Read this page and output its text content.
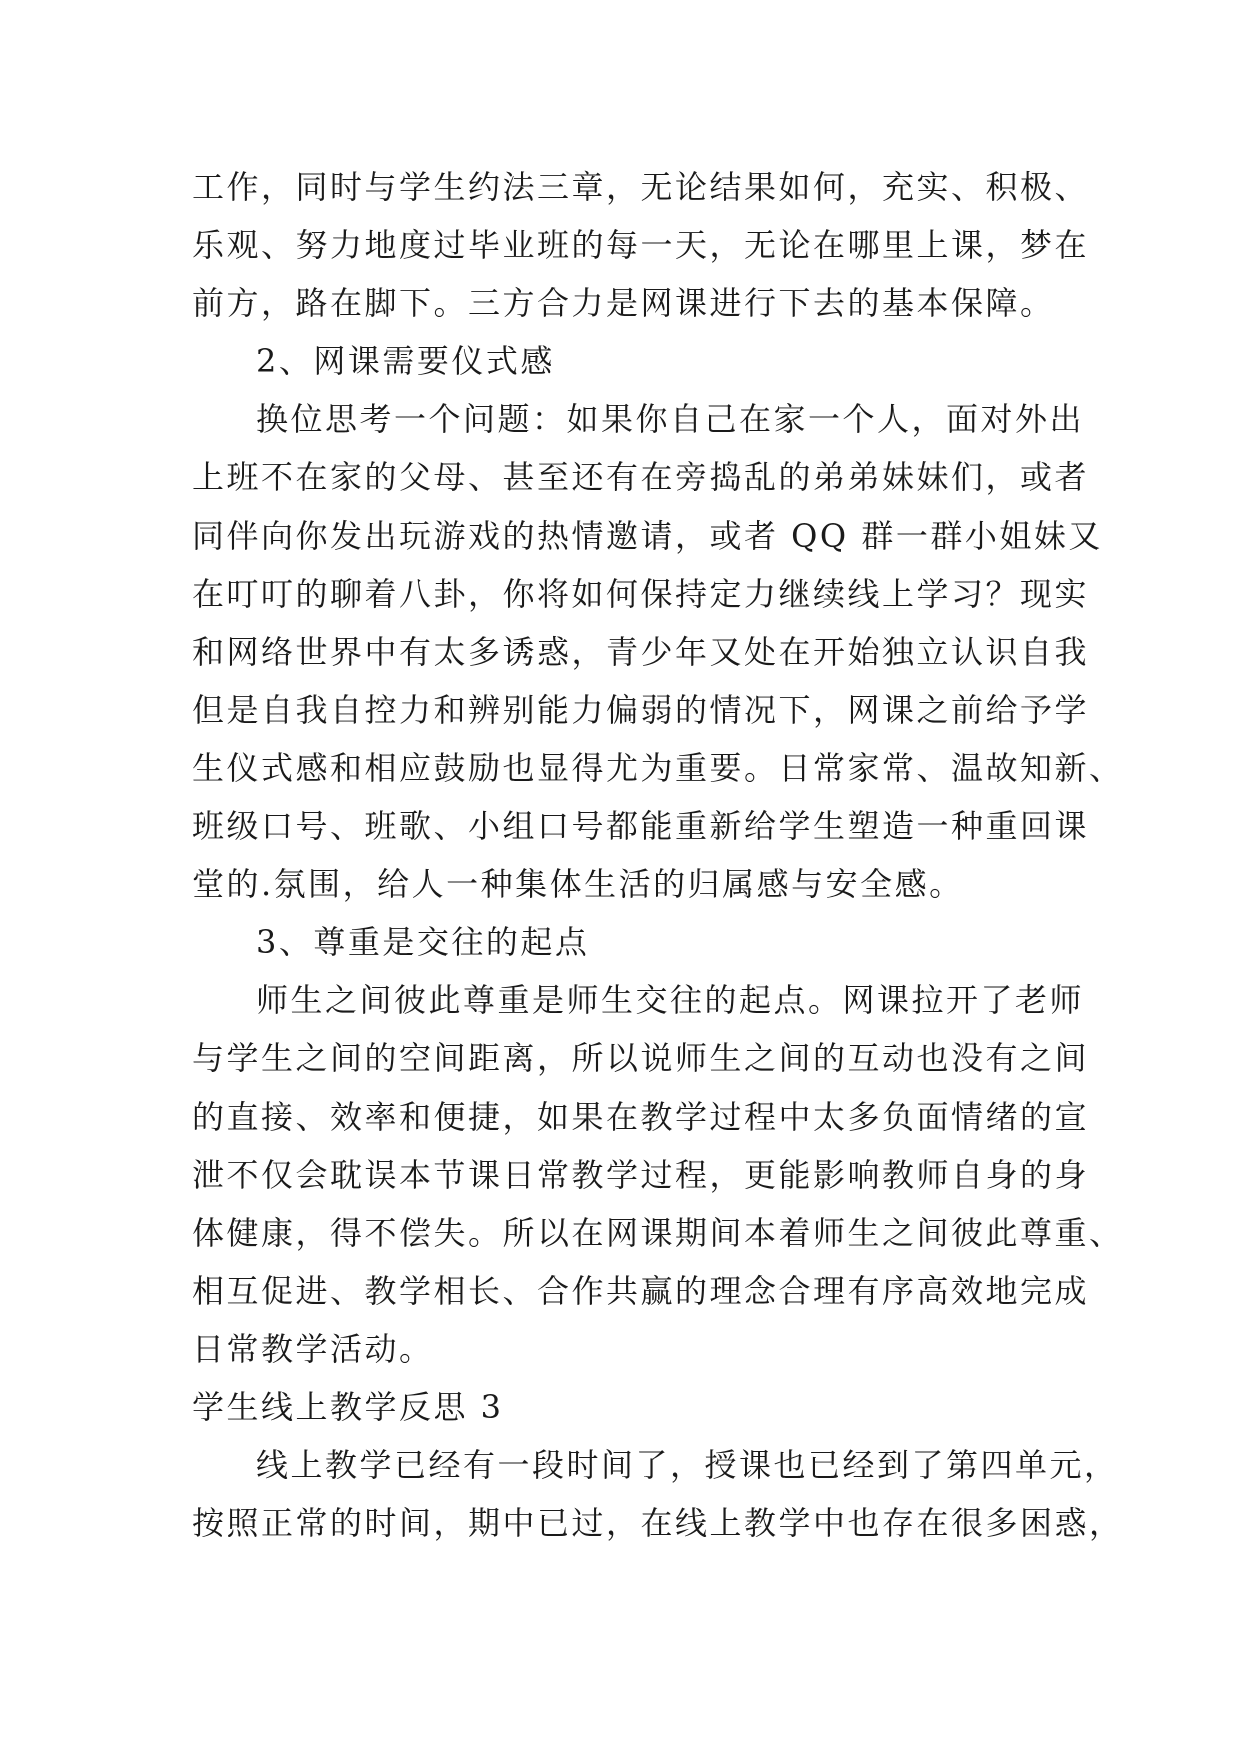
工作，同时与学生约法三章，无论结果如何，充实、积极、
乐观、努力地度过毕业班的每一天，无论在哪里上课，梦在
前方，路在脚下。三方合力是网课进行下去的基本保障。
2、网课需要仪式感
换位思考一个问题：如果你自己在家一个人，面对外出
上班不在家的父母、甚至还有在旁捣乱的弟弟妹妹们，或者
同伴向你发出玩游戏的热情邀请，或者 QQ 群一群小姐妹又
在叮叮的聊着八卦，你将如何保持定力继续线上学习？现实
和网络世界中有太多诱惑，青少年又处在开始独立认识自我
但是自我自控力和辨别能力偏弱的情况下，网课之前给予学
生仪式感和相应鼓励也显得尤为重要。日常家常、温故知新、
班级口号、班歌、小组口号都能重新给学生塑造一种重回课
堂的.氛围，给人一种集体生活的归属感与安全感。
3、尊重是交往的起点
师生之间彼此尊重是师生交往的起点。网课拉开了老师
与学生之间的空间距离，所以说师生之间的互动也没有之间
的直接、效率和便捷，如果在教学过程中太多负面情绪的宣
泄不仅会耽误本节课日常教学过程，更能影响教师自身的身
体健康，得不偿失。所以在网课期间本着师生之间彼此尊重、
相互促进、教学相长、合作共赢的理念合理有序高效地完成
日常教学活动。
学生线上教学反思 3
线上教学已经有一段时间了，授课也已经到了第四单元，
按照正常的时间，期中已过，在线上教学中也存在很多困惑，
